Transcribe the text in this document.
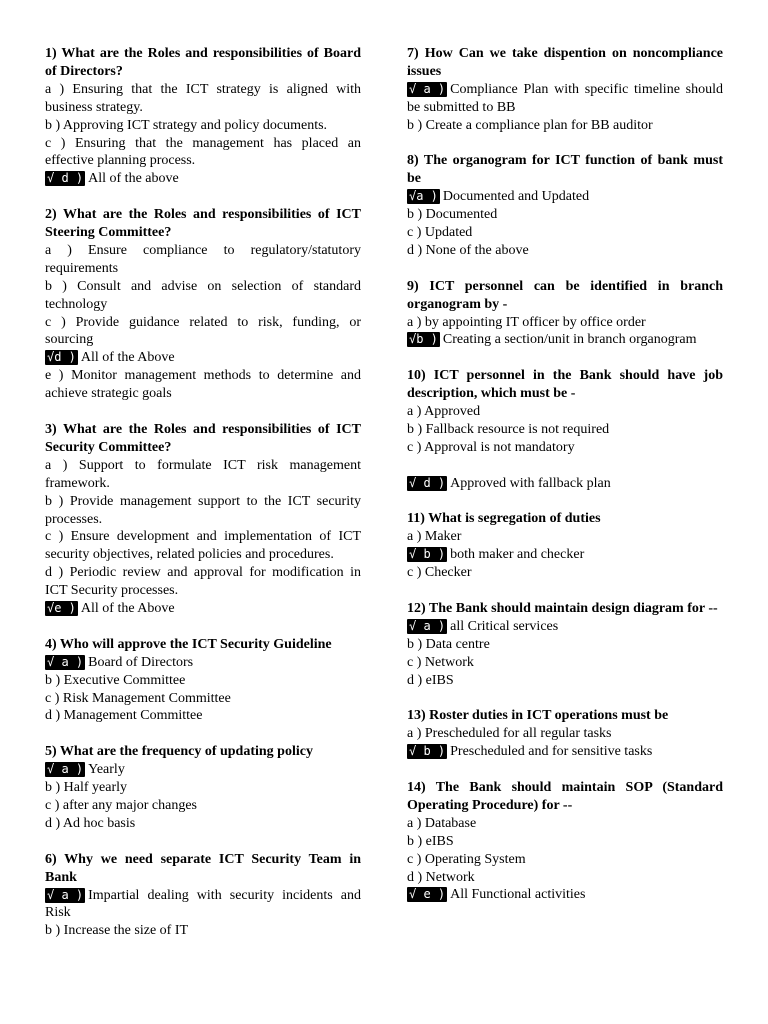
1) What are the Roles and responsibilities of Board of Directors?

a ) Ensuring that the ICT strategy is aligned with business strategy.

b ) Approving ICT strategy and policy documents.

c ) Ensuring that the management has placed an effective planning process.

√ d ) All of the above

2) What are the Roles and responsibilities of ICT Steering Committee?

a ) Ensure compliance to regulatory/statutory requirements

b ) Consult and advise on selection of standard technology

c ) Provide guidance related to risk, funding, or sourcing

√d ) All of the Above

e ) Monitor management methods to determine and achieve strategic goals

3) What are the Roles and responsibilities of ICT Security Committee?

a ) Support to formulate ICT risk management framework.

b ) Provide management support to the ICT security processes.

c ) Ensure development and implementation of ICT security objectives, related policies and procedures.

d ) Periodic review and approval for modification in ICT Security processes.

√e ) All of the Above

4) Who will approve the ICT Security Guideline

√ a ) Board of Directors

b ) Executive Committee

c ) Risk Management Committee

d ) Management Committee

5) What are the frequency of updating policy

√ a ) Yearly

b ) Half yearly

c ) after any major changes

d ) Ad hoc basis

6) Why we need separate ICT Security Team in Bank

√ a ) Impartial dealing with security incidents and Risk

b ) Increase the size of IT

7) How Can we take dispention on noncompliance issues

√ a ) Compliance Plan with specific timeline should be submitted to BB

b ) Create a compliance plan for BB auditor

8) The organogram for ICT function of bank must be

√a ) Documented and Updated

b ) Documented

c ) Updated

d ) None of the above

9) ICT personnel can be identified in branch organogram by -

a ) by appointing IT officer by office order

√b ) Creating a section/unit in branch organogram

10) ICT personnel in the Bank should have job description, which must be -

a ) Approved

b ) Fallback resource is not required

c ) Approval is not mandatory

√ d ) Approved with fallback plan

11) What is segregation of duties

a ) Maker

√ b ) both maker and checker

c ) Checker

12) The Bank should maintain design diagram for --

√ a ) all Critical services

b ) Data centre

c ) Network

d ) eIBS

13) Roster duties in ICT operations must be

a ) Prescheduled for all regular tasks

√ b ) Prescheduled and for sensitive tasks

14) The Bank should maintain SOP (Standard Operating Procedure) for --

a ) Database

b ) eIBS

c ) Operating System

d ) Network

√ e ) All Functional activities
